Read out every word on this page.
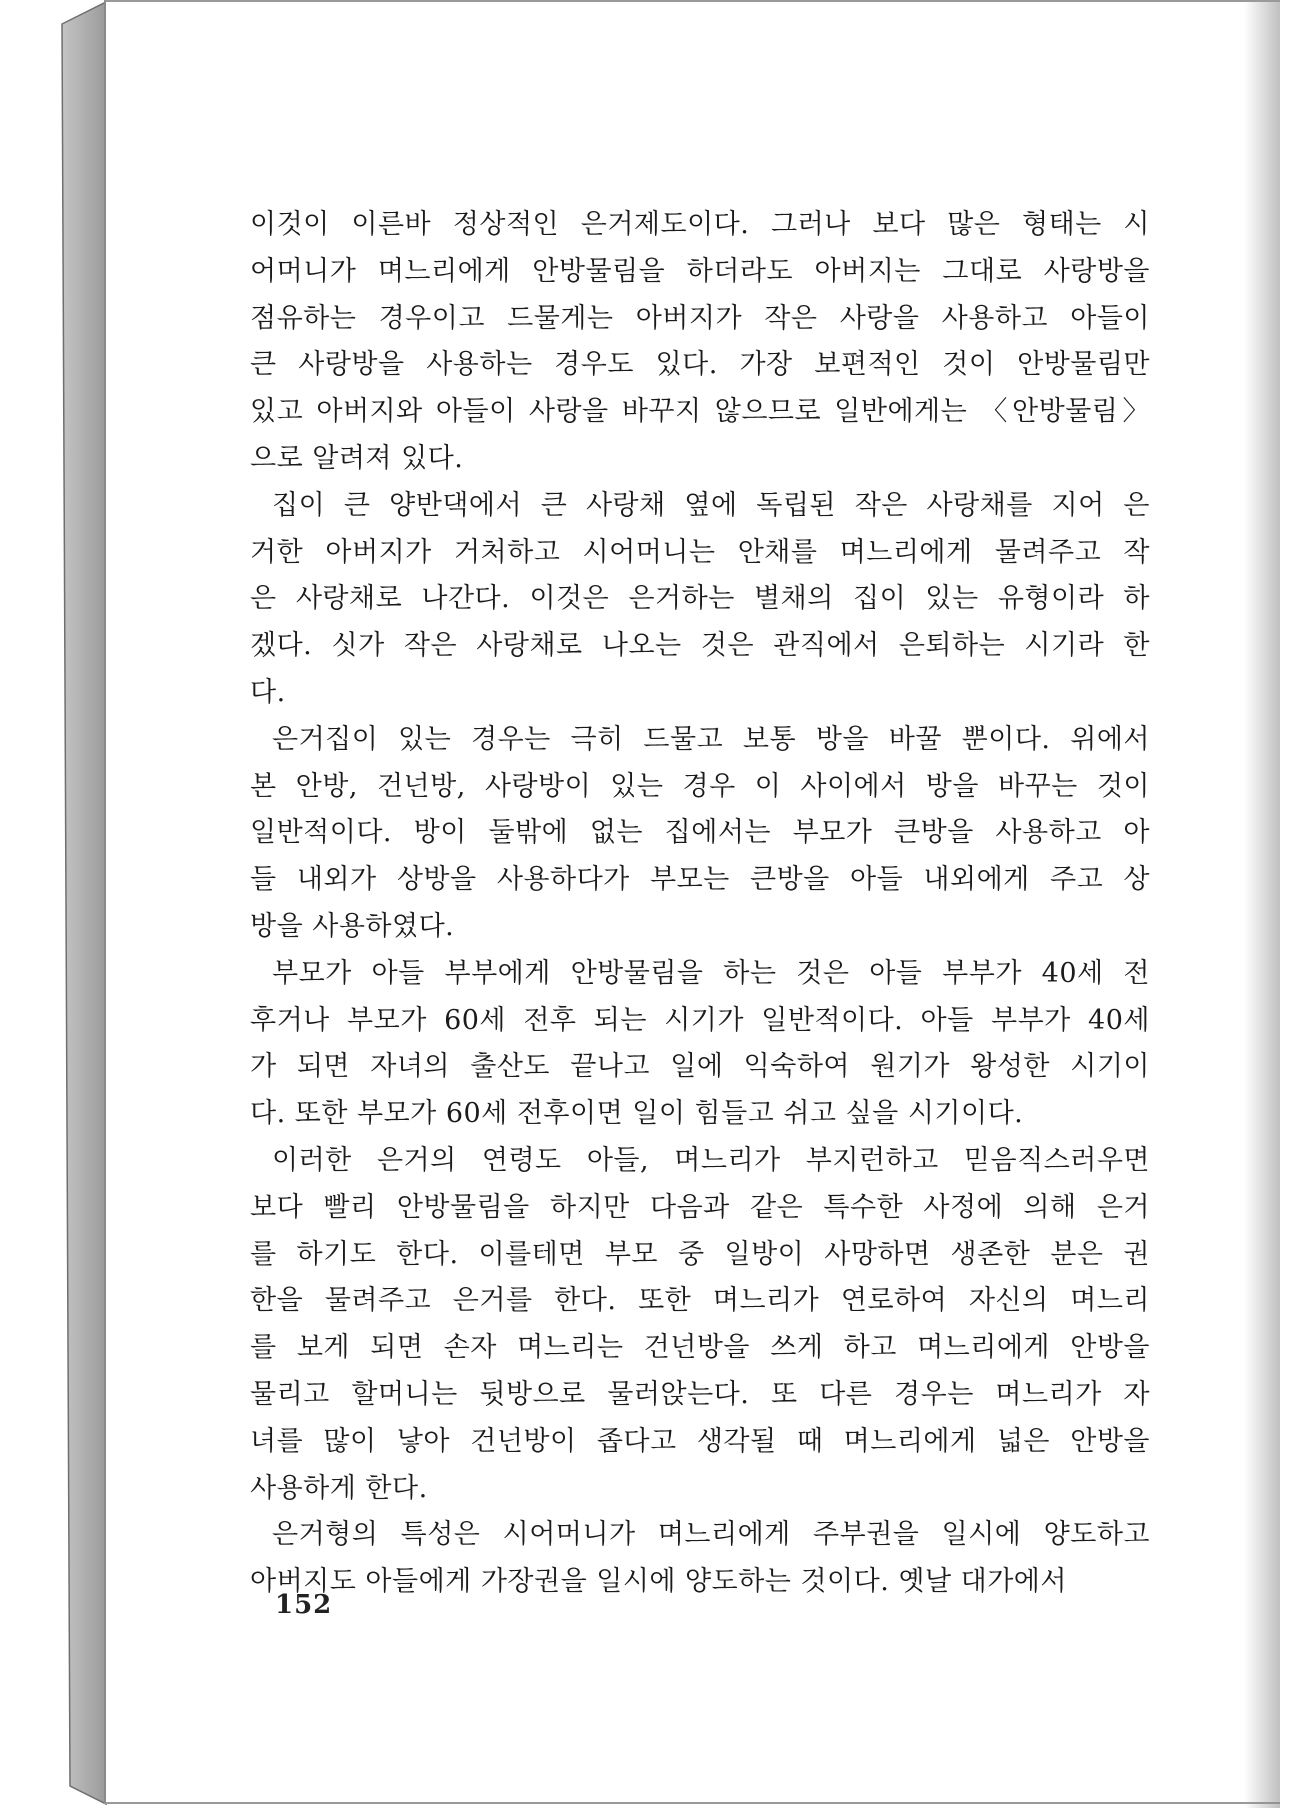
이것이 이른바 정상적인 은거제도이다. 그러나 보다 많은 형태는 시
어머니가 며느리에게 안방물림을 하더라도 아버지는 그대로 사랑방을
점유하는 경우이고 드물게는 아버지가 작은 사랑을 사용하고 아들이
큰 사랑방을 사용하는 경우도 있다. 가장 보편적인 것이 안방물림만
있고 아버지와 아들이 사랑을 바꾸지 않으므로 일반에게는 〈안방물림〉
으로 알려져 있다.
집이 큰 양반댁에서 큰 사랑채 옆에 독립된 작은 사랑채를 지어 은
거한 아버지가 거처하고 시어머니는 안채를 며느리에게 물려주고 작
은 사랑채로 나간다. 이것은 은거하는 별채의 집이 있는 유형이라 하
겠다. 싯가 작은 사랑채로 나오는 것은 관직에서 은퇴하는 시기라 한
다.
은거집이 있는 경우는 극히 드물고 보통 방을 바꿀 뿐이다. 위에서
본 안방, 건넌방, 사랑방이 있는 경우 이 사이에서 방을 바꾸는 것이
일반적이다. 방이 둘밖에 없는 집에서는 부모가 큰방을 사용하고 아
들 내외가 상방을 사용하다가 부모는 큰방을 아들 내외에게 주고 상
방을 사용하였다.
부모가 아들 부부에게 안방물림을 하는 것은 아들 부부가 40세 전
후거나 부모가 60세 전후 되는 시기가 일반적이다. 아들 부부가 40세
가 되면 자녀의 출산도 끝나고 일에 익숙하여 원기가 왕성한 시기이
다. 또한 부모가 60세 전후이면 일이 힘들고 쉬고 싶을 시기이다.
이러한 은거의 연령도 아들, 며느리가 부지런하고 믿음직스러우면
보다 빨리 안방물림을 하지만 다음과 같은 특수한 사정에 의해 은거
를 하기도 한다. 이를테면 부모 중 일방이 사망하면 생존한 분은 권
한을 물려주고 은거를 한다. 또한 며느리가 연로하여 자신의 며느리
를 보게 되면 손자 며느리는 건넌방을 쓰게 하고 며느리에게 안방을
물리고 할머니는 뒷방으로 물러앉는다. 또 다른 경우는 며느리가 자
녀를 많이 낳아 건넌방이 좁다고 생각될 때 며느리에게 넓은 안방을
사용하게 한다.
은거형의 특성은 시어머니가 며느리에게 주부권을 일시에 양도하고
아버지도 아들에게 가장권을 일시에 양도하는 것이다. 옛날 대가에서
152
